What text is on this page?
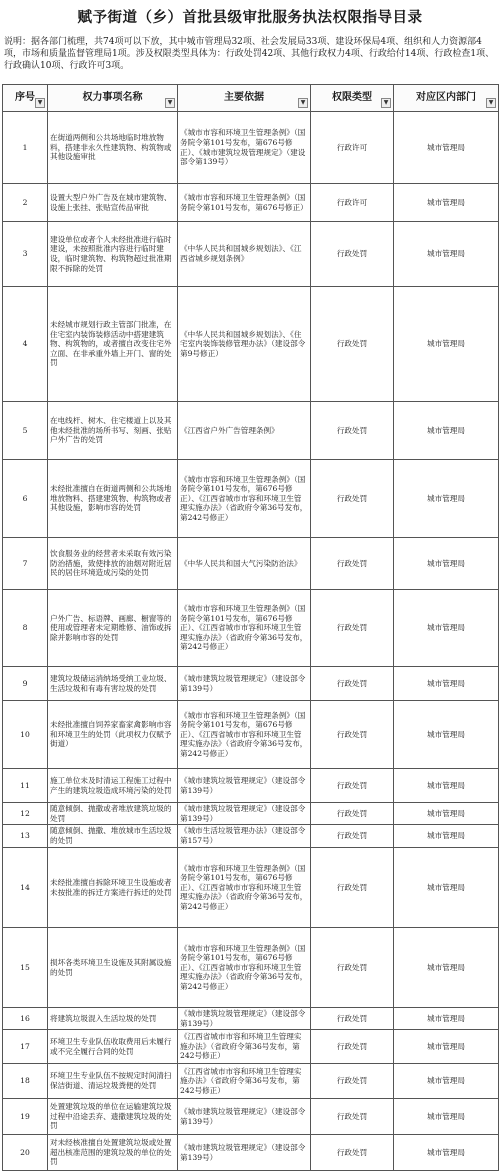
赋予街道（乡）首批县级审批服务执法权限指导目录
说明：据各部门梳理，共74项可以下放，其中城市管理局32项、社会发展局33项、建设环保局4项、组织和人力资源部4项，市场和质量监督管理局1项。涉及权限类型具体为：行政处罚42项、其他行政权力4项、行政给付14项、行政检查1项、行政确认10项、行政许可3项。
序号 ▼	权力事项名称 ▼	主要依据 ▼	权限类型 ▼	对应区内部门 ▼

1	在街道两侧和公共场地临时堆放物料，搭建非永久性建筑物、构筑物或其他设施审批	《城市市容和环境卫生管理条例》（国务院令第101号发布，第676号修正）、《城市建筑垃圾管理规定》（建设部令第139号）	行政许可	城市管理局
2	设置大型户外广告及在城市建筑物、设施上张挂、张贴宣传品审批	《城市市容和环境卫生管理条例》（国务院令第101号发布，第676号修正）	行政许可	城市管理局
3	建设单位或者个人未经批准进行临时建设，未按照批准内容进行临时建设，临时建筑物、构筑物超过批准期限不拆除的处罚	《中华人民共和国城乡规划法》、《江西省城乡规划条例》	行政处罚	城市管理局
4	未经城市规划行政主管部门批准，在住宅室内装饰装修活动中搭建建筑物、构筑物的，或者擅自改变住宅外立面、在非承重外墙上开门、窗的处罚	《中华人民共和国城乡规划法》、《住宅室内装饰装修管理办法》（建设部令第9号修正）	行政处罚	城市管理局
5	在电线杆、树木、住宅楼道上以及其他未经批准的场所书写、刻画、张贴户外广告的处罚	《江西省户外广告管理条例》	行政处罚	城市管理局
6	未经批准擅自在街道两侧和公共场地堆放物料、搭建建筑物、构筑物或者其他设施，影响市容的处罚	《城市市容和环境卫生管理条例》（国务院令第101号发布，第676号修正）、《江西省城市市容和环境卫生管理实施办法》（省政府令第36号发布，第242号修正）	行政处罚	城市管理局
7	饮食服务业的经营者未采取有效污染防治措施，致使排放的油烟对附近居民的居住环境造成污染的处罚	《中华人民共和国大气污染防治法》	行政处罚	城市管理局
8	户外广告、标语牌、画廊、橱窗等的使用或管理者未定期维修、油饰或拆除并影响市容的处罚	《城市市容和环境卫生管理条例》（国务院令第101号发布，第676号修正）、《江西省城市市容和环境卫生管理实施办法》（省政府令第36号发布，第242号修正）	行政处罚	城市管理局
9	建筑垃圾储运消纳场受纳工业垃圾、生活垃圾和有毒有害垃圾的处罚	《城市建筑垃圾管理规定》（建设部令第139号）	行政处罚	城市管理局
10	未经批准擅自饲养家畜家禽影响市容和环境卫生的处罚（此项权力仅赋予街道）	《城市市容和环境卫生管理条例》（国务院令第101号发布，第676号修正）、《江西省城市市容和环境卫生管理实施办法》（省政府令第36号发布，第242号修正）	行政处罚	城市管理局
11	施工单位未及时清运工程施工过程中产生的建筑垃圾造成环境污染的处罚	《城市建筑垃圾管理规定》（建设部令第139号）	行政处罚	城市管理局
12	随意倾倒、抛撒或者堆放建筑垃圾的处罚	《城市建筑垃圾管理规定》（建设部令第139号）	行政处罚	城市管理局
13	随意倾倒、抛撒、堆放城市生活垃圾的处罚	《城市生活垃圾管理办法》（建设部令第157号）	行政处罚	城市管理局
14	未经批准擅自拆除环境卫生设施或者未按批准的拆迁方案进行拆迁的处罚	《城市市容和环境卫生管理条例》（国务院令第101号发布，第676号修正）、《江西省城市市容和环境卫生管理实施办法》（省政府令第36号发布，第242号修正）	行政处罚	城市管理局
15	损坏各类环境卫生设施及其附属设施的处罚	《城市市容和环境卫生管理条例》（国务院令第101号发布，第676号修正）、《江西省城市市容和环境卫生管理实施办法》（省政府令第36号发布，第242号修正）	行政处罚	城市管理局
16	将建筑垃圾混入生活垃圾的处罚	《城市建筑垃圾管理规定》（建设部令第139号）	行政处罚	城市管理局
17	环境卫生专业队伍收取费用后未履行或不完全履行合同的处罚	《江西省城市市容和环境卫生管理实施办法》（省政府令第36号发布，第242号修正）	行政处罚	城市管理局
18	环境卫生专业队伍不按规定时间清扫保洁街道、清运垃圾粪便的处罚	《江西省城市市容和环境卫生管理实施办法》（省政府令第36号发布，第242号修正）	行政处罚	城市管理局
19	处置建筑垃圾的单位在运输建筑垃圾过程中沿途丢弃、遗撒建筑垃圾的处罚	《城市建筑垃圾管理规定》（建设部令第139号）	行政处罚	城市管理局
20	对未经核准擅自处置建筑垃圾或处置超出核准范围的建筑垃圾的单位的处罚	《城市建筑垃圾管理规定》（建设部令第139号）	行政处罚	城市管理局
